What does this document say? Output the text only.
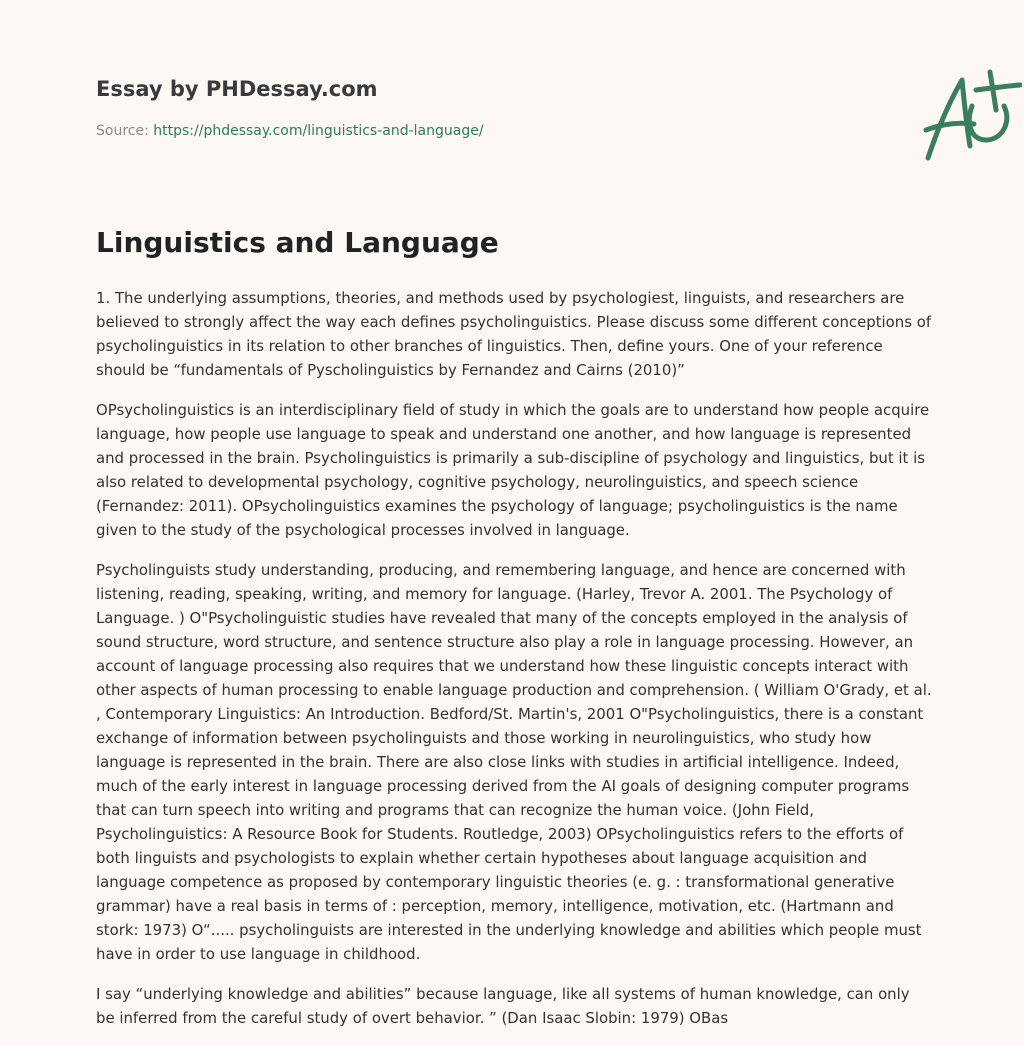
Essay by PHDessay.com
Source: https://phdessay.com/linguistics-and-language/
Linguistics and Language

1. The underlying assumptions, theories, and methods used by psychologiest, linguists, and researchers are believed to strongly affect the way each defines psycholinguistics. Please discuss some different conceptions of psycholinguistics in its relation to other branches of linguistics. Then, define yours. One of your reference should be “fundamentals of Pyscholinguistics by Fernandez and Cairns (2010)”

OPsycholinguistics is an interdisciplinary field of study in which the goals are to understand how people acquire language, how people use language to speak and understand one another, and how language is represented and processed in the brain. Psycholinguistics is primarily a sub-discipline of psychology and linguistics, but it is also related to developmental psychology, cognitive psychology, neurolinguistics, and speech science (Fernandez: 2011). OPsycholinguistics examines the psychology of language; psycholinguistics is the name given to the study of the psychological processes involved in language.

Psycholinguists study understanding, producing, and remembering language, and hence are concerned with listening, reading, speaking, writing, and memory for language. (Harley, Trevor A. 2001. The Psychology of Language. ) O"Psycholinguistic studies have revealed that many of the concepts employed in the analysis of sound structure, word structure, and sentence structure also play a role in language processing. However, an account of language processing also requires that we understand how these linguistic concepts interact with other aspects of human processing to enable language production and comprehension. ( William O'Grady, et al. , Contemporary Linguistics: An Introduction. Bedford/St. Martin's, 2001 O"Psycholinguistics, there is a constant exchange of information between psycholinguists and those working in neurolinguistics, who study how language is represented in the brain. There are also close links with studies in artificial intelligence. Indeed, much of the early interest in language processing derived from the AI goals of designing computer programs that can turn speech into writing and programs that can recognize the human voice. (John Field, Psycholinguistics: A Resource Book for Students. Routledge, 2003) OPsycholinguistics refers to the efforts of both linguists and psychologists to explain whether certain hypotheses about language acquisition and language competence as proposed by contemporary linguistic theories (e. g. : transformational generative grammar) have a real basis in terms of : perception, memory, intelligence, motivation, etc. (Hartmann and stork: 1973) O“..... psycholinguists are interested in the underlying knowledge and abilities which people must have in order to use language in childhood.

I say “underlying knowledge and abilities” because language, like all systems of human knowledge, can only be inferred from the careful study of overt behavior. ” (Dan Isaac Slobin: 1979) OBas
